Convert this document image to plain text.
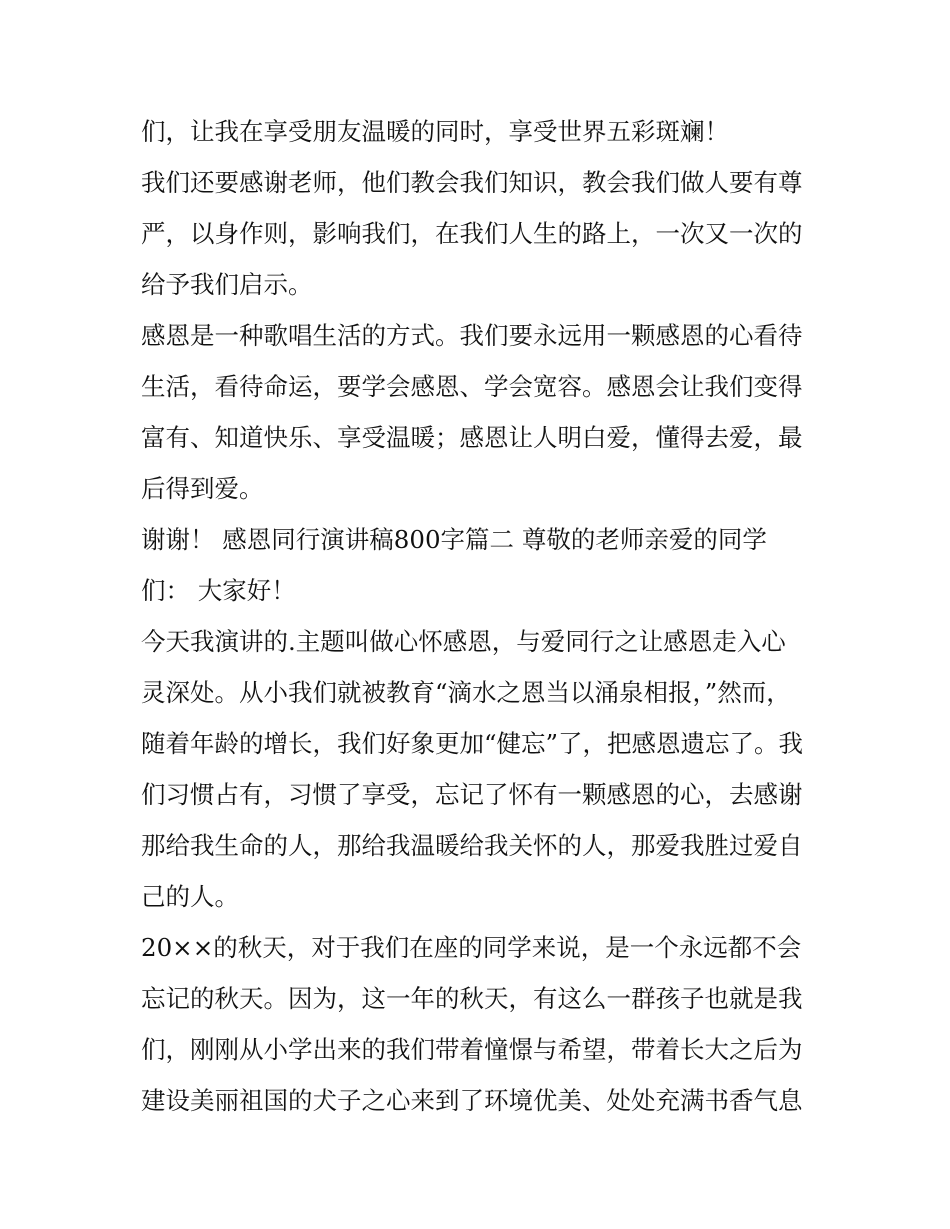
们，让我在享受朋友温暖的同时，享受世界五彩斑斓！
我们还要感谢老师，他们教会我们知识，教会我们做人要有尊
严，以身作则，影响我们，在我们人生的路上，一次又一次的
给予我们启示。
感恩是一种歌唱生活的方式。我们要永远用一颗感恩的心看待
生活，看待命运，要学会感恩、学会宽容。感恩会让我们变得
富有、知道快乐、享受温暖；感恩让人明白爱，懂得去爱，最
后得到爱。
谢谢！ 感恩同行演讲稿800字篇二 尊敬的老师亲爱的同学
们： 大家好！
今天我演讲的.主题叫做心怀感恩，与爱同行之让感恩走入心
灵深处。从小我们就被教育“滴水之恩当以涌泉相报，”然而，
随着年龄的增长，我们好象更加“健忘”了，把感恩遗忘了。我
们习惯占有，习惯了享受，忘记了怀有一颗感恩的心，去感谢
那给我生命的人，那给我温暖给我关怀的人，那爱我胜过爱自
己的人。
20××的秋天，对于我们在座的同学来说，是一个永远都不会
忘记的秋天。因为，这一年的秋天，有这么一群孩子也就是我
们，刚刚从小学出来的我们带着憧憬与希望，带着长大之后为
建设美丽祖国的犬子之心来到了环境优美、处处充满书香气息
